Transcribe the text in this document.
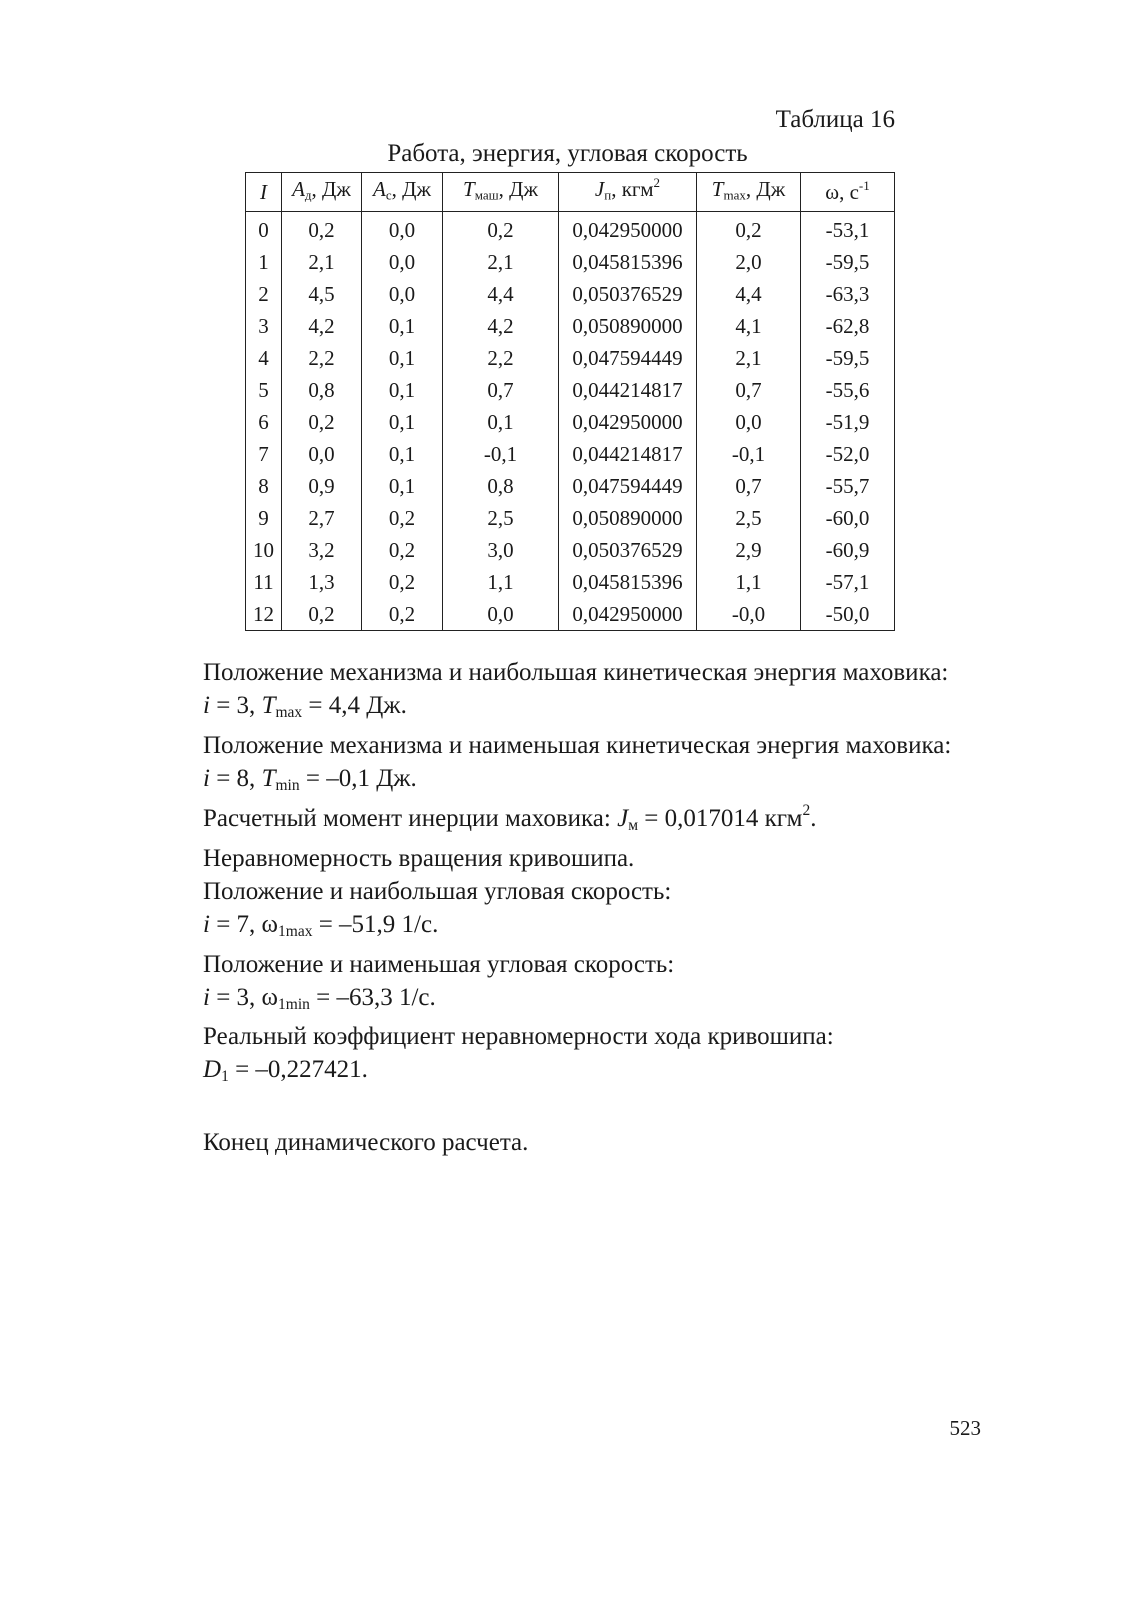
Таблица 16
Работа, энергия, угловая скорость
I	$A_д$, Дж	$A_с$, Дж	$T_{маш}$, Дж	$J_п$, кгм$^2$	$T_{max}$, Дж	ω, $с^{-1}$
0	0,2	0,0	0,2	0,042950000	0,2	-53,1
1	2,1	0,0	2,1	0,045815396	2,0	-59,5
2	4,5	0,0	4,4	0,050376529	4,4	-63,3
3	4,2	0,1	4,2	0,050890000	4,1	-62,8
4	2,2	0,1	2,2	0,047594449	2,1	-59,5
5	0,8	0,1	0,7	0,044214817	0,7	-55,6
6	0,2	0,1	0,1	0,042950000	0,0	-51,9
7	0,0	0,1	-0,1	0,044214817	-0,1	-52,0
8	0,9	0,1	0,8	0,047594449	0,7	-55,7
9	2,7	0,2	2,5	0,050890000	2,5	-60,0
10	3,2	0,2	3,0	0,050376529	2,9	-60,9
11	1,3	0,2	1,1	0,045815396	1,1	-57,1
12	0,2	0,2	0,0	0,042950000	-0,0	-50,0

Положение механизма и наибольшая кинетическая энергия маховика:

i = 3, $T_{max} = 4,4$ Дж.

Положение механизма и наименьшая кинетическая энергия маховика:

i = 8, $T_{min} = -0,1$ Дж.

Расчетный момент инерции маховика: $J_м = 0,017014$ кгм$^2$.

Неравномерность вращения кривошипа.

Положение и наибольшая угловая скорость:

i = 7, $\omega_{1max} = -51,9$ 1/с.

Положение и наименьшая угловая скорость:

i = 3, $\omega_{1min} = -63,3$ 1/с.

Реальный коэффициент неравномерности хода кривошипа:

$D_1 = -0,227421$.

Конец динамического расчета.

523
